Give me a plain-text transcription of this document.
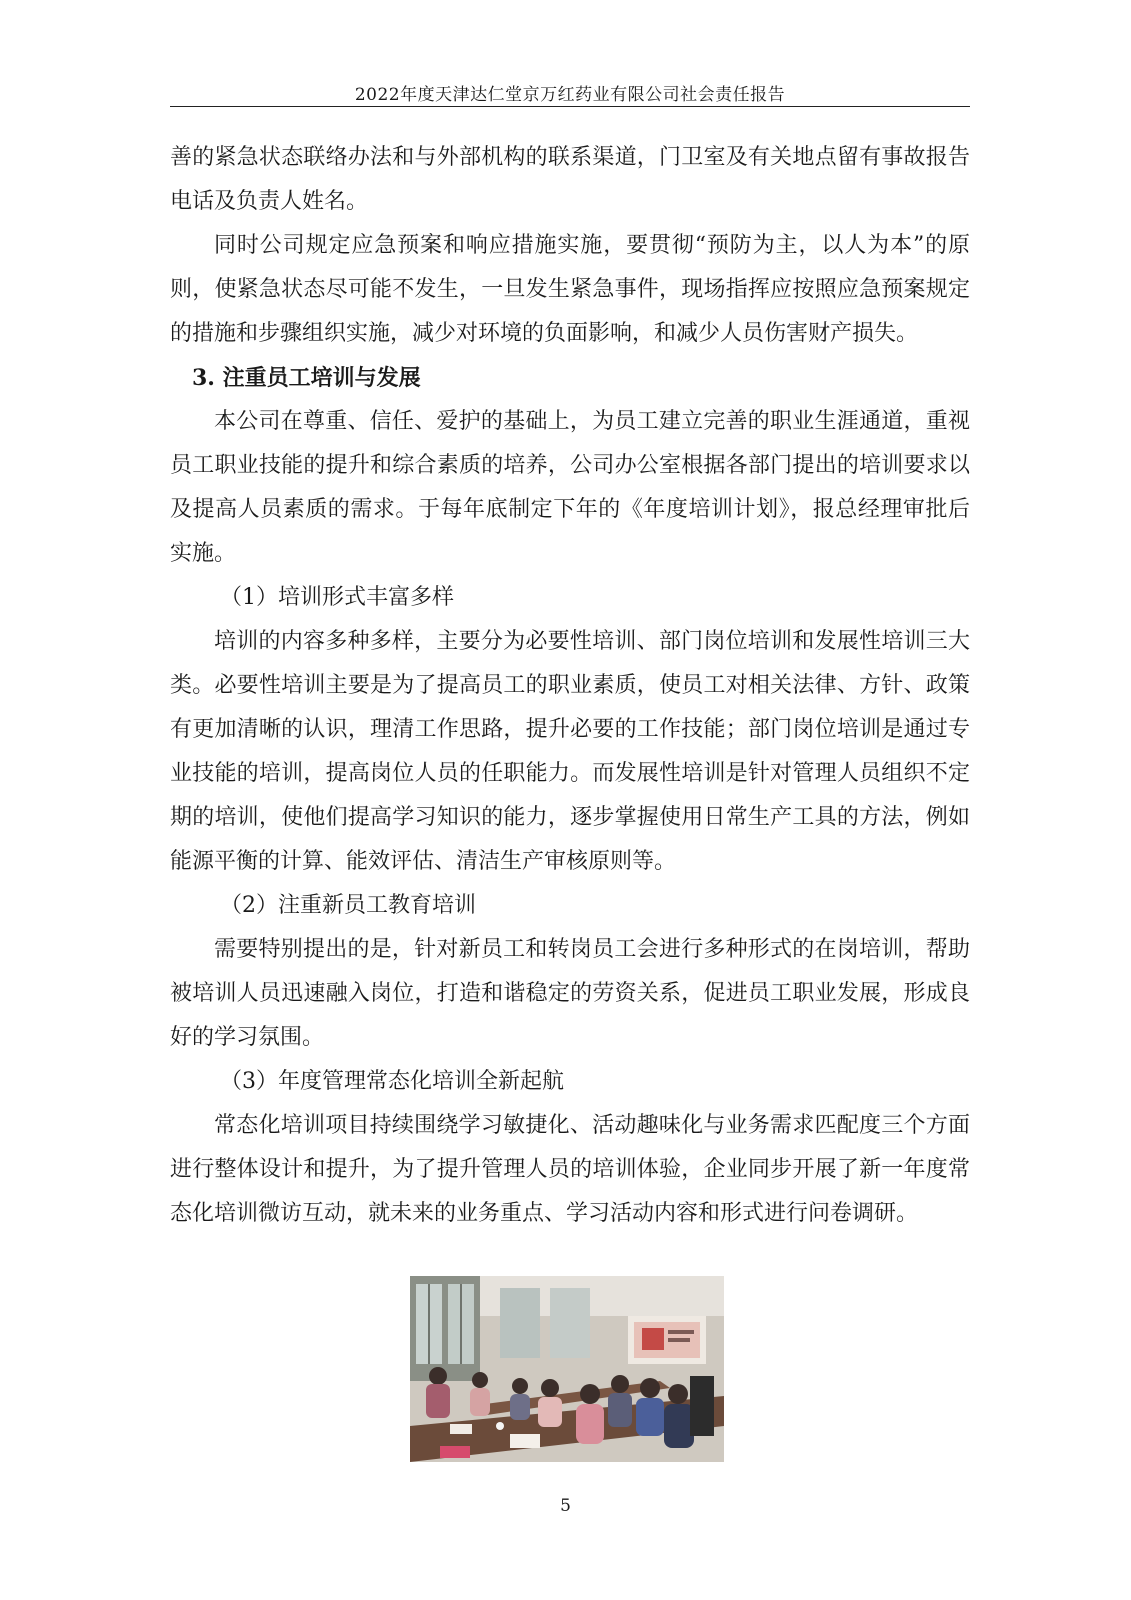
2022年度天津达仁堂京万红药业有限公司社会责任报告

善的紧急状态联络办法和与外部机构的联系渠道，门卫室及有关地点留有事故报告电话及负责人姓名。

同时公司规定应急预案和响应措施实施，要贯彻“预防为主，以人为本”的原则，使紧急状态尽可能不发生，一旦发生紧急事件，现场指挥应按照应急预案规定的措施和步骤组织实施，减少对环境的负面影响，和减少人员伤害财产损失。

3. 注重员工培训与发展

本公司在尊重、信任、爱护的基础上，为员工建立完善的职业生涯通道，重视员工职业技能的提升和综合素质的培养，公司办公室根据各部门提出的培训要求以及提高人员素质的需求。于每年底制定下年的《年度培训计划》，报总经理审批后实施。

（1）培训形式丰富多样

培训的内容多种多样，主要分为必要性培训、部门岗位培训和发展性培训三大类。必要性培训主要是为了提高员工的职业素质，使员工对相关法律、方针、政策有更加清晰的认识，理清工作思路，提升必要的工作技能；部门岗位培训是通过专业技能的培训，提高岗位人员的任职能力。而发展性培训是针对管理人员组织不定期的培训，使他们提高学习知识的能力，逐步掌握使用日常生产工具的方法，例如能源平衡的计算、能效评估、清洁生产审核原则等。

（2）注重新员工教育培训

需要特别提出的是，针对新员工和转岗员工会进行多种形式的在岗培训，帮助被培训人员迅速融入岗位，打造和谐稳定的劳资关系，促进员工职业发展，形成良好的学习氛围。

（3）年度管理常态化培训全新起航

常态化培训项目持续围绕学习敏捷化、活动趣味化与业务需求匹配度三个方面进行整体设计和提升，为了提升管理人员的培训体验，企业同步开展了新一年度常态化培训微访互动，就未来的业务重点、学习活动内容和形式进行问卷调研。

5
